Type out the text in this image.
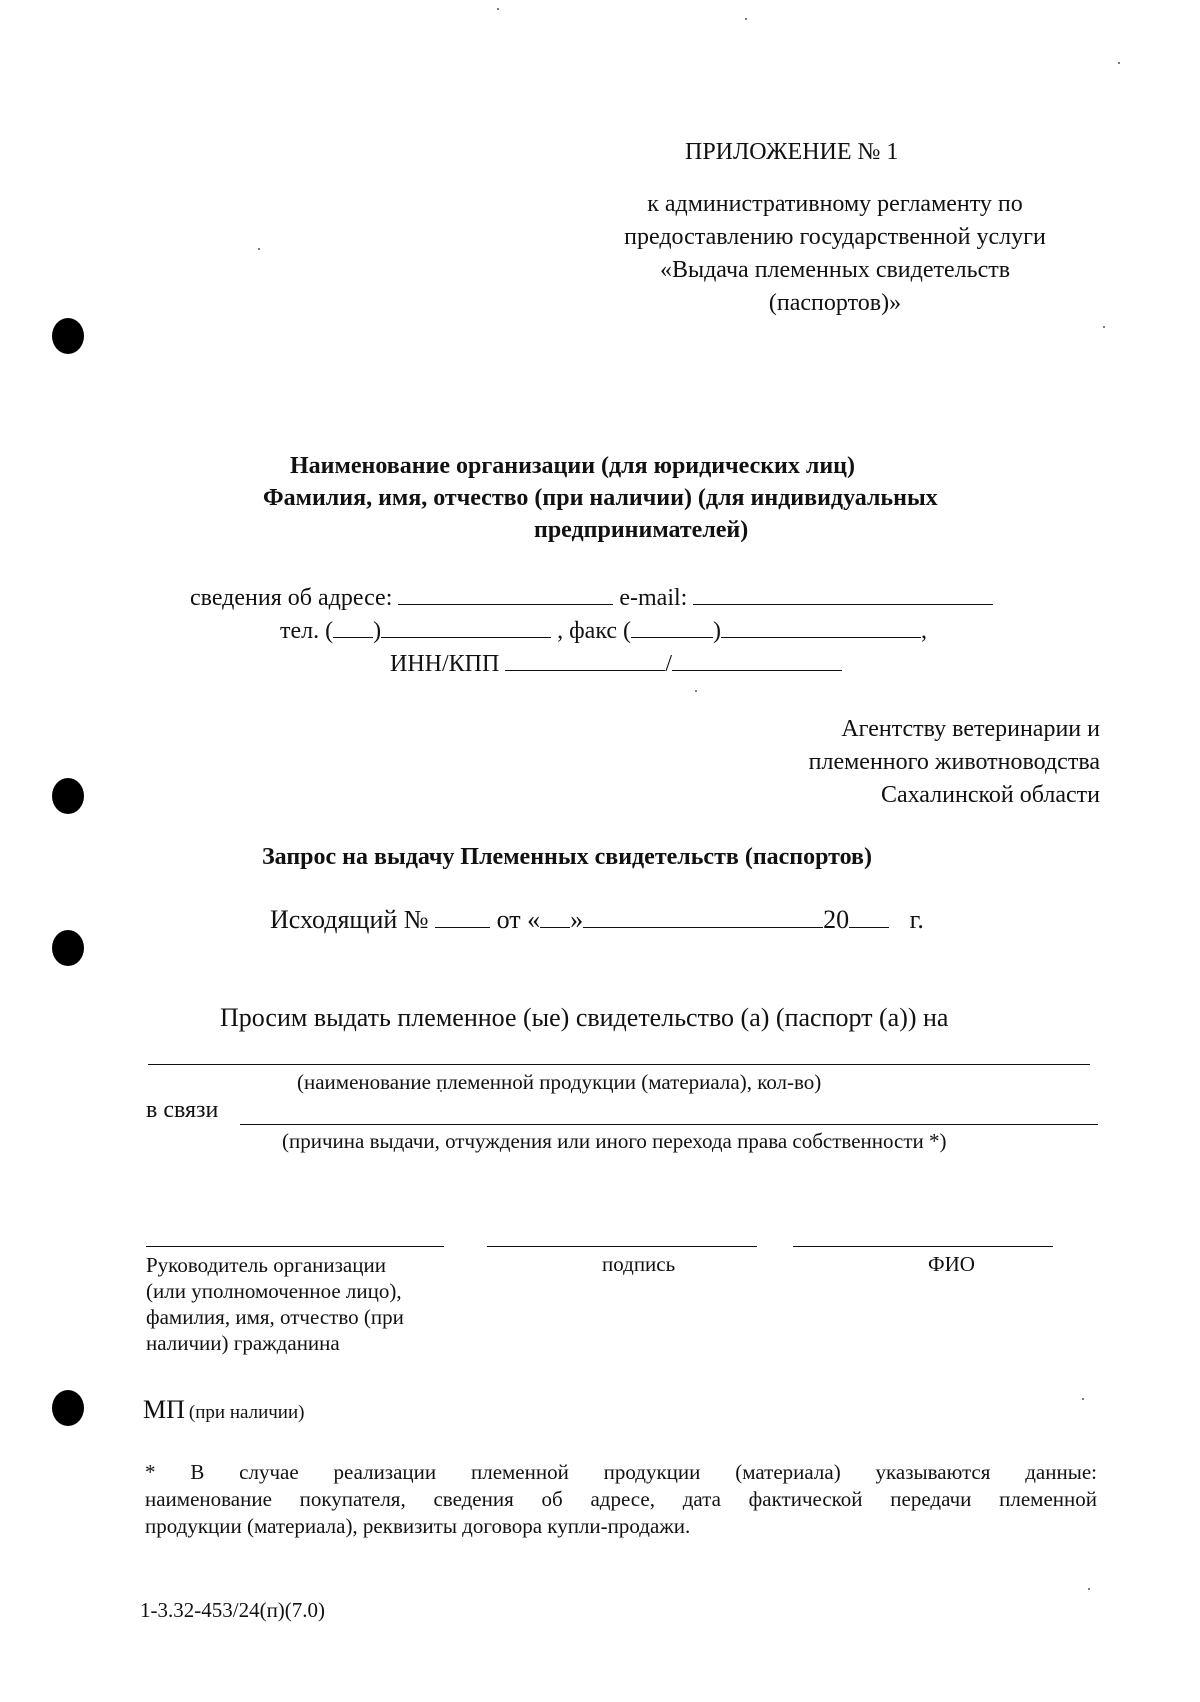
ПРИЛОЖЕНИЕ № 1
к административному регламенту по
предоставлению государственной услуги
«Выдача племенных свидетельств
(паспортов)»
Наименование организации (для юридических лиц)
Фамилия, имя, отчество (при наличии) (для индивидуальных
предпринимателей)
сведения об адресе:	e-mail:
тел. ( )	, факс (	)	,
ИНН/КПП	/
Агентству ветеринарии и
племенного животноводства
Сахалинской области
Запрос на выдачу Племенных свидетельств (паспортов)
Исходящий №	от « »	20 г.
Просим выдать племенное (ые) свидетельство (а) (паспорт (а)) на
(наименование племенной продукции (материала), кол-во)
в связи
(причина выдачи, отчуждения или иного перехода права собственности *)
Руководитель организации
(или уполномоченное лицо),
фамилия, имя, отчество (при
наличии) гражданина
подпись	ФИО
МП (при наличии)
* В случае реализации племенной продукции (материала) указываются данные:
наименование покупателя, сведения об адресе, дата фактической передачи племенной
продукции (материала), реквизиты договора купли-продажи.
1-3.32-453/24(п)(7.0)
